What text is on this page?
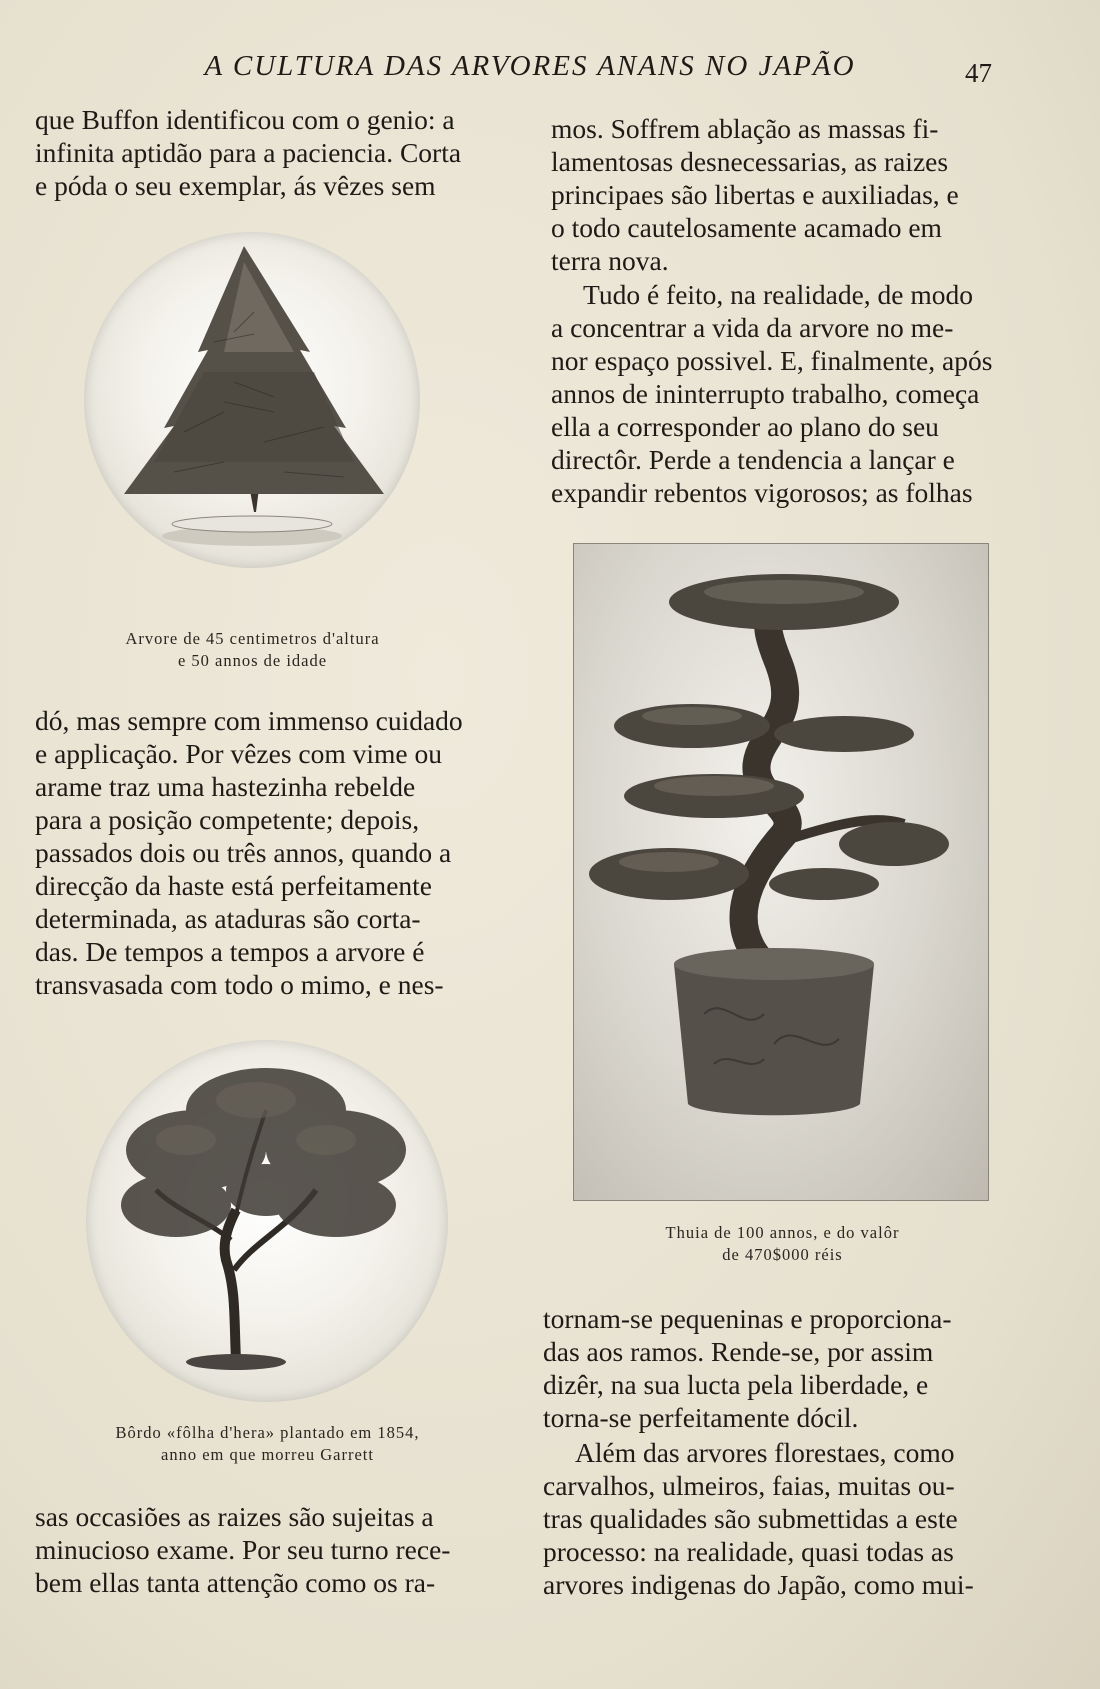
A CULTURA DAS ARVORES ANANS NO JAPÃO	47
que Buffon identificou com o genio: a
infinita aptidão para a paciencia. Corta
e póda o seu exemplar, ás vêzes sem
Arvore de 45 centimetros d'altura
e 50 annos de idade
dó, mas sempre com immenso cuidado
e applicação. Por vêzes com vime ou
arame traz uma hastezinha rebelde
para a posição competente; depois,
passados dois ou três annos, quando a
direcção da haste está perfeitamente
determinada, as ataduras são corta-
das. De tempos a tempos a arvore é
transvasada com todo o mimo, e nes-
Bôrdo «fôlha d'hera» plantado em 1854,
anno em que morreu Garrett
sas occasiões as raizes são sujeitas a
minucioso exame. Por seu turno rece-
bem ellas tanta attenção como os ra-
mos. Soffrem ablação as massas fi-
lamentosas desnecessarias, as raizes
principaes são libertas e auxiliadas, e
o todo cautelosamente acamado em
terra nova.
Tudo é feito, na realidade, de modo
a concentrar a vida da arvore no me-
nor espaço possivel. E, finalmente, após
annos de ininterrupto trabalho, começa
ella a corresponder ao plano do seu
directôr. Perde a tendencia a lançar e
expandir rebentos vigorosos; as folhas
Thuia de 100 annos, e do valôr
de 470$000 réis
tornam-se pequeninas e proporciona-
das aos ramos. Rende-se, por assim
dizêr, na sua lucta pela liberdade, e
torna-se perfeitamente dócil.
Além das arvores florestaes, como
carvalhos, ulmeiros, faias, muitas ou-
tras qualidades são submettidas a este
processo: na realidade, quasi todas as
arvores indigenas do Japão, como mui-
